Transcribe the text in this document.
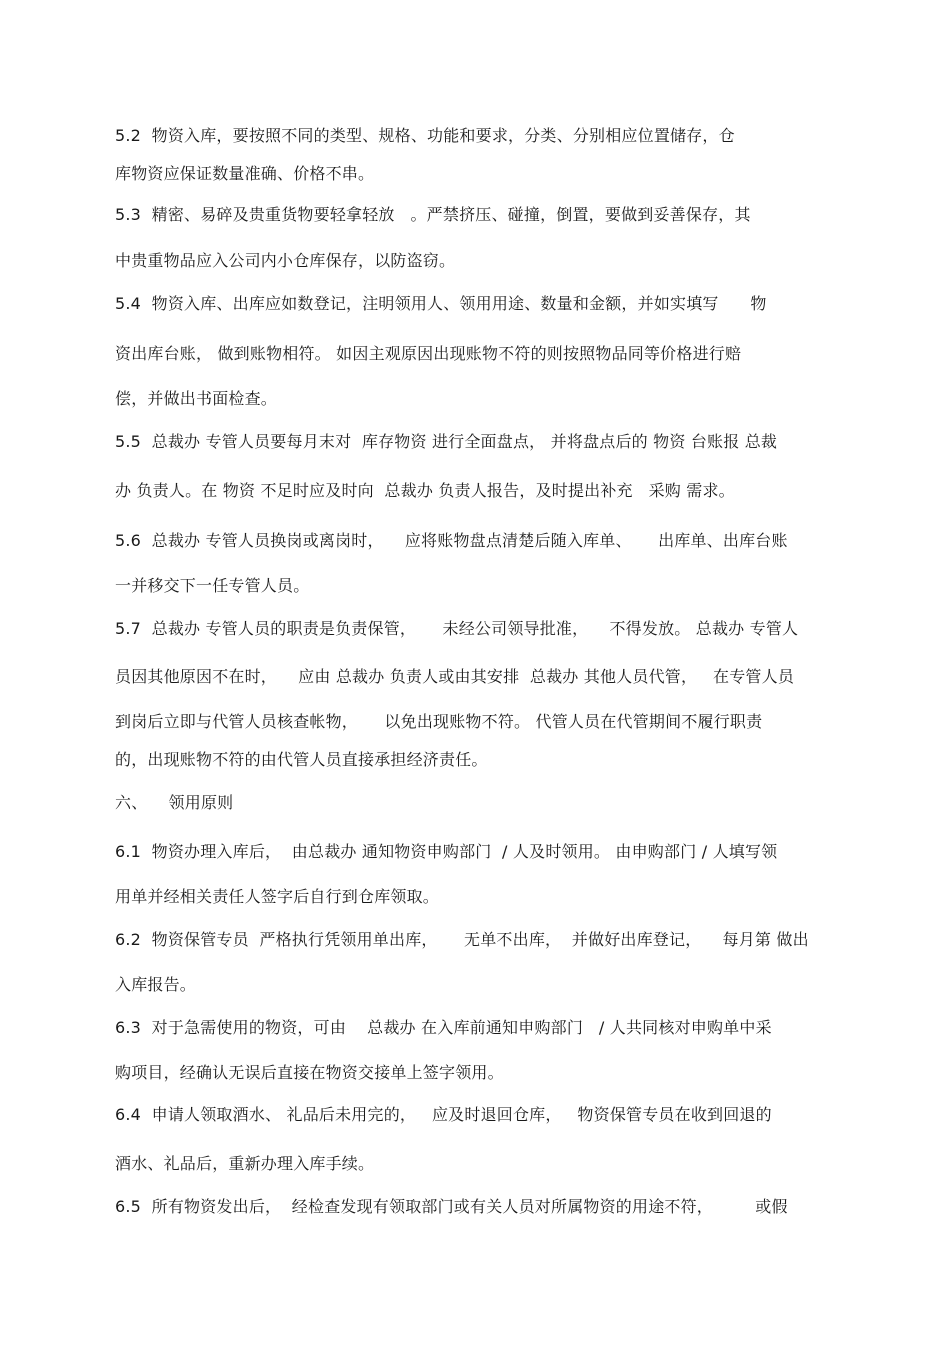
5.2  物资入库，要按照不同的类型、规格、功能和要求，分类、分别相应位置储存，仓
库物资应保证数量准确、价格不串。
5.3  精密、易碎及贵重货物要轻拿轻放   。严禁挤压、碰撞，倒置，要做到妥善保存，其
中贵重物品应入公司内小仓库保存，以防盗窃。
5.4  物资入库、出库应如数登记，注明领用人、领用用途、数量和金额，并如实填写      物
资出库台账， 做到账物相符。 如因主观原因出现账物不符的则按照物品同等价格进行赔
偿，并做出书面检查。
5.5  总裁办 专管人员要每月末对  库存物资 进行全面盘点， 并将盘点后的 物资 台账报 总裁
办 负责人。在 物资 不足时应及时向  总裁办 负责人报告，及时提出补充   采购 需求。
5.6  总裁办 专管人员换岗或离岗时，    应将账物盘点清楚后随入库单、     出库单、出库台账
一并移交下一任专管人员。
5.7  总裁办 专管人员的职责是负责保管，     未经公司领导批准，    不得发放。 总裁办 专管人
员因其他原因不在时，    应由 总裁办 负责人或由其安排  总裁办 其他人员代管，   在专管人员
到岗后立即与代管人员核查帐物，     以免出现账物不符。 代管人员在代管期间不履行职责
的，出现账物不符的由代管人员直接承担经济责任。
六、    领用原则
6.1  物资办理入库后，  由总裁办 通知物资申购部门  / 人及时领用。 由申购部门 / 人填写领
用单并经相关责任人签字后自行到仓库领取。
6.2  物资保管专员  严格执行凭领用单出库，     无单不出库，  并做好出库登记，    每月第 做出
入库报告。
6.3  对于急需使用的物资，可由    总裁办 在入库前通知申购部门   / 人共同核对申购单中采
购项目，经确认无误后直接在物资交接单上签字领用。
6.4  申请人领取酒水、 礼品后未用完的，   应及时退回仓库，   物资保管专员在收到回退的
酒水、礼品后，重新办理入库手续。
6.5  所有物资发出后，  经检查发现有领取部门或有关人员对所属物资的用途不符，        或假
